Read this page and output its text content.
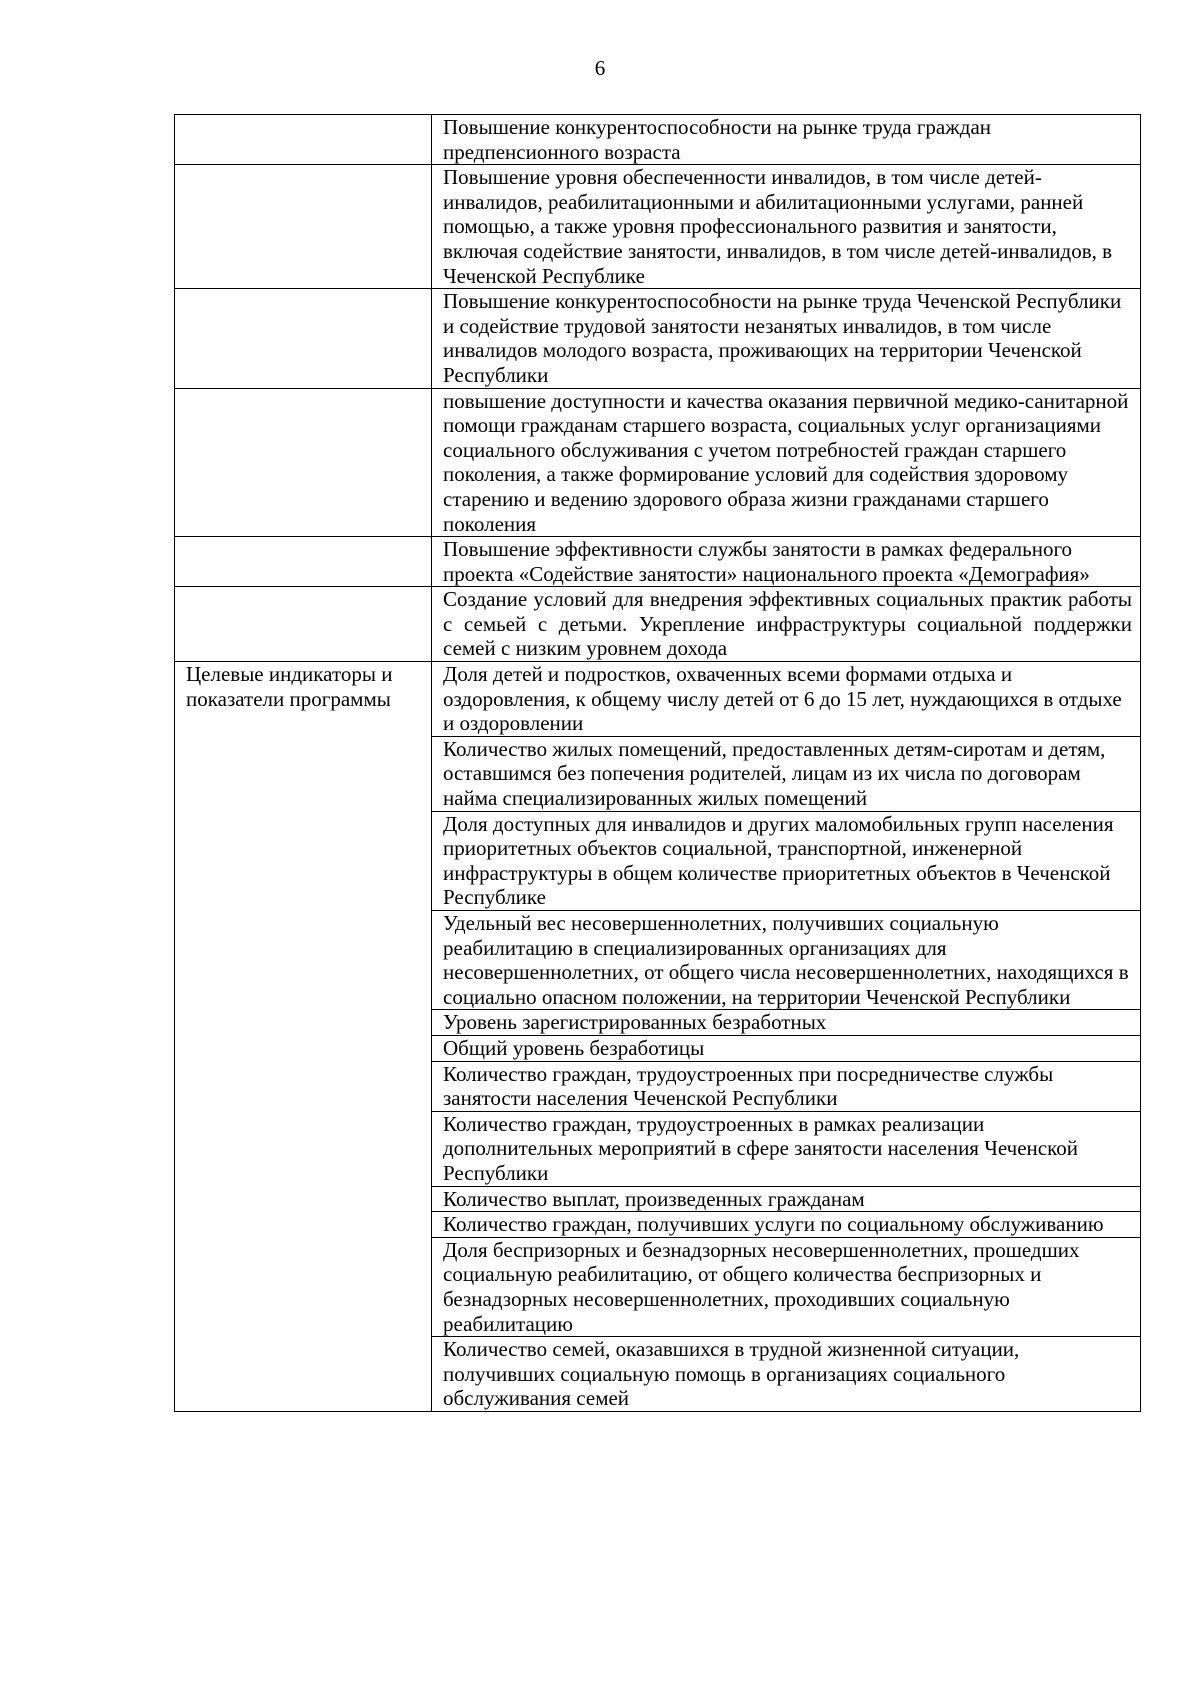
6
	Повышение конкурентоспособности на рынке труда граждан предпенсионного возраста
	Повышение уровня обеспеченности инвалидов, в том числе детей-инвалидов, реабилитационными и абилитационными услугами, ранней помощью, а также уровня профессионального развития и занятости, включая содействие занятости, инвалидов, в том числе детей-инвалидов, в Чеченской Республике
	Повышение конкурентоспособности на рынке труда Чеченской Республики и содействие трудовой занятости незанятых инвалидов, в том числе инвалидов молодого возраста, проживающих на территории Чеченской Республики
	повышение доступности и качества оказания первичной медико-санитарной помощи гражданам старшего возраста, социальных услуг организациями социального обслуживания с учетом потребностей граждан старшего поколения, а также формирование условий для содействия здоровому старению и ведению здорового образа жизни гражданами старшего поколения
	Повышение эффективности службы занятости в рамках федерального проекта «Содействие занятости» национального проекта «Демография»
	Создание условий для внедрения эффективных социальных практик работы с семьей с детьми. Укрепление инфраструктуры социальной поддержки семей с низким уровнем дохода
Целевые индикаторы и показатели программы	Доля детей и подростков, охваченных всеми формами отдыха и оздоровления, к общему числу детей от 6 до 15 лет, нуждающихся в отдыхе и оздоровлении
	Количество жилых помещений, предоставленных детям-сиротам и детям, оставшимся без попечения родителей, лицам из их числа по договорам найма специализированных жилых помещений
	Доля доступных для инвалидов и других маломобильных групп населения приоритетных объектов социальной, транспортной, инженерной инфраструктуры в общем количестве приоритетных объектов в Чеченской Республике
	Удельный вес несовершеннолетних, получивших социальную реабилитацию в специализированных организациях для несовершеннолетних, от общего числа несовершеннолетних, находящихся в социально опасном положении, на территории Чеченской Республики
	Уровень зарегистрированных безработных
	Общий уровень безработицы
	Количество граждан, трудоустроенных при посредничестве службы занятости населения Чеченской Республики
	Количество граждан, трудоустроенных в рамках реализации дополнительных мероприятий в сфере занятости населения Чеченской Республики
	Количество выплат, произведенных гражданам
	Количество граждан, получивших услуги по социальному обслуживанию
	Доля беспризорных и безнадзорных несовершеннолетних, прошедших социальную реабилитацию, от общего количества беспризорных и безнадзорных несовершеннолетних, проходивших социальную реабилитацию
	Количество семей, оказавшихся в трудной жизненной ситуации, получивших социальную помощь в организациях социального обслуживания семей
